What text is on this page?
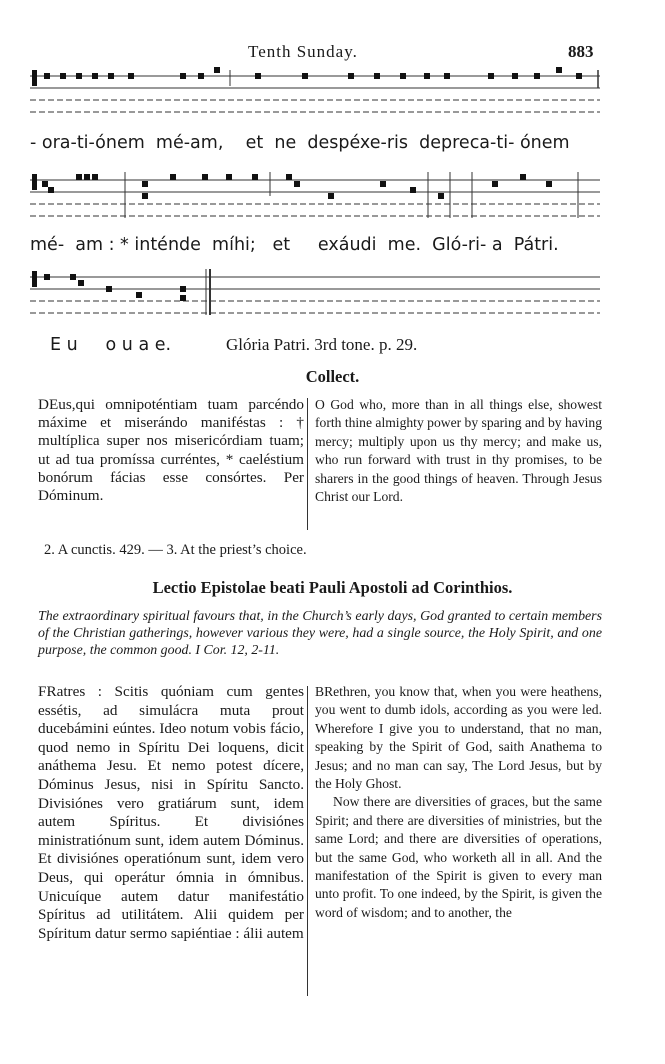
Tenth Sunday.	883
- ora-ti-ónem  mé-am,    et  ne  despéxe-ris  depreca-ti- ónem
mé-  am : * inténde  míhi;   et     exáudi  me.  Gló-ri- a  Pátri.
E u     o u a e.	Glória Patri. 3rd tone. p. 29.
Collect.

DEus,qui omnipoténtiam tuam parcéndo máxime et miserándo maniféstas : † multíplica super nos misericórdiam tuam; ut ad tua promíssa curréntes, * caeléstium bonórum fácias esse consórtes. Per Dóminum.

O God who, more than in all things else, showest forth thine almighty power by sparing and by having mercy; multiply upon us thy mercy; and make us, who run forward with trust in thy promises, to be sharers in the good things of heaven. Through Jesus Christ our Lord.

2. A cunctis. 429. — 3. At the priest’s choice.
Lectio Epistolae beati Pauli Apostoli ad Corinthios.
The extraordinary spiritual favours that, in the Church’s early days, God granted to certain members of the Christian gatherings, however various they were, had a single source, the Holy Spirit, and one purpose, the common good. I Cor. 12, 2-11.

FRatres : Scitis quóniam cum gentes essétis, ad simulácra muta prout ducebámini eúntes. Ideo notum vobis fácio, quod nemo in Spíritu Dei loquens, dicit anáthema Jesu. Et nemo potest dícere, Dóminus Jesus, nisi in Spíritu Sancto. Divisiónes vero gratiárum sunt, idem autem Spíritus. Et divisiónes ministratiónum sunt, idem autem Dóminus. Et divisiónes operatiónum sunt, idem vero Deus, qui operátur ómnia in ómnibus. Unicuíque autem datur manifestátio Spíritus ad utilitátem. Alii quidem per Spíritum datur sermo sapiéntiae : álii autem

BRethren, you know that, when you were heathens, you went to dumb idols, according as you were led. Wherefore I give you to understand, that no man, speaking by the Spirit of God, saith Anathema to Jesus; and no man can say, The Lord Jesus, but by the Holy Ghost.

Now there are diversities of graces, but the same Spirit; and there are diversities of ministries, but the same Lord; and there are diversities of operations, but the same God, who worketh all in all. And the manifestation of the Spirit is given to every man unto profit. To one indeed, by the Spirit, is given the word of wisdom; and to another, the
